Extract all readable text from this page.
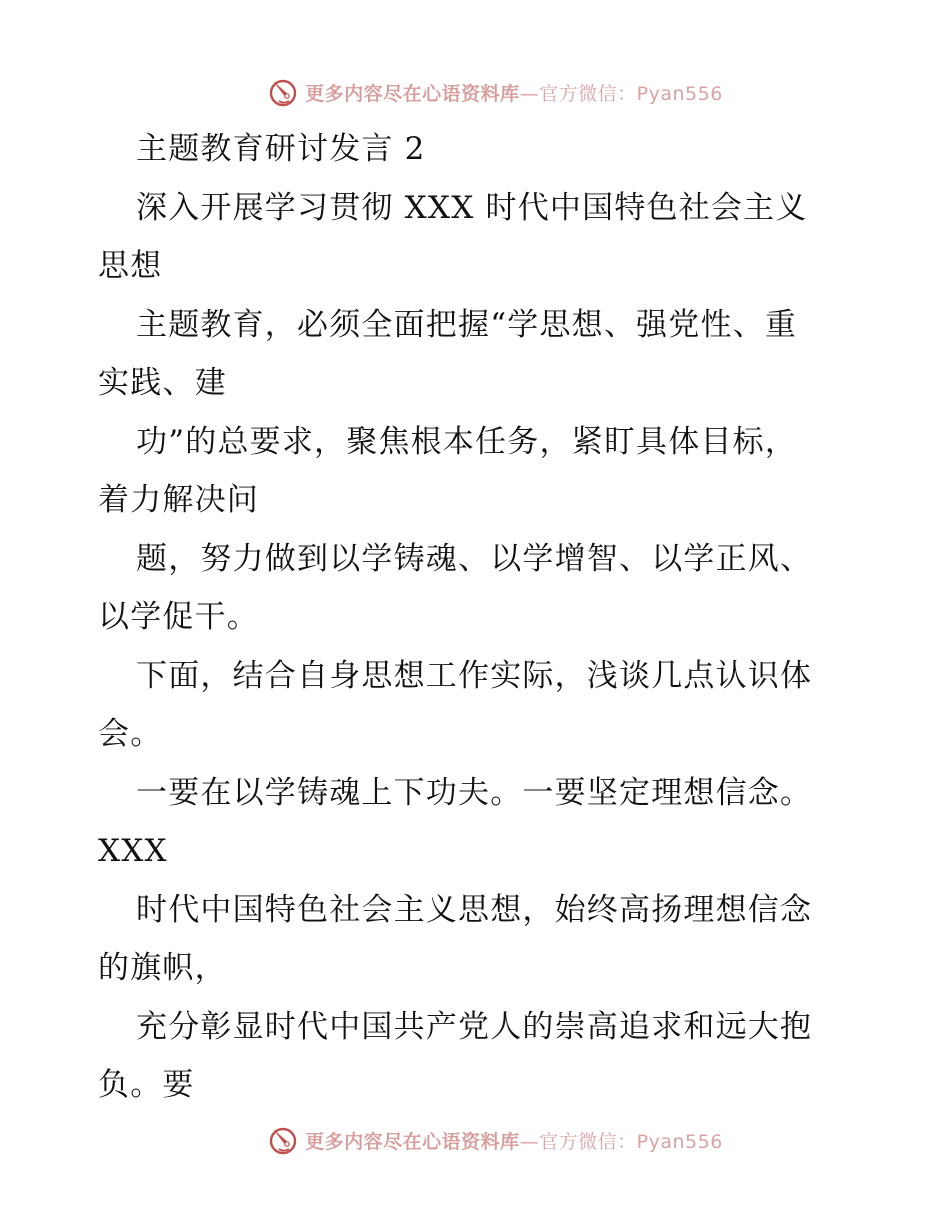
更多内容尽在心语资料库—官方微信：Pyan556
主题教育研讨发言 2
深入开展学习贯彻 XXX 时代中国特色社会主义
思想
主题教育，必须全面把握“学思想、强党性、重
实践、建
功”的总要求，聚焦根本任务，紧盯具体目标，
着力解决问
题，努力做到以学铸魂、以学增智、以学正风、
以学促干。
下面，结合自身思想工作实际，浅谈几点认识体
会。
一要在以学铸魂上下功夫。一要坚定理想信念。
XXX
时代中国特色社会主义思想，始终高扬理想信念
的旗帜，
充分彰显时代中国共产党人的崇高追求和远大抱
负。要
更多内容尽在心语资料库—官方微信：Pyan556
